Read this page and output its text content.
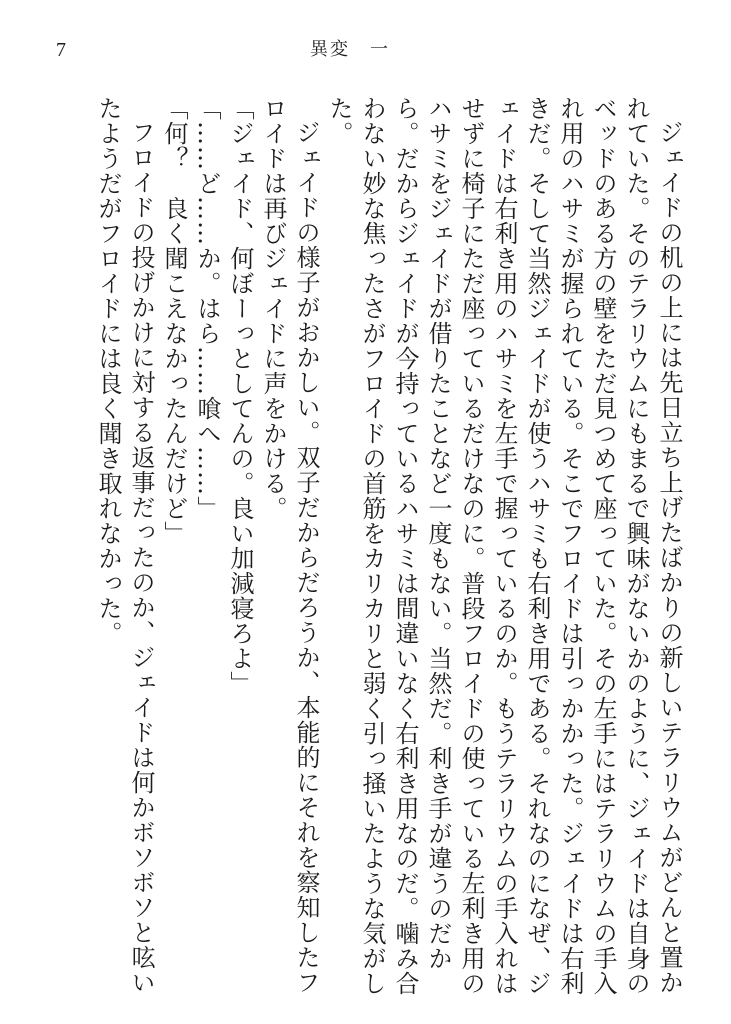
7	異変　一

ジェイドの机の上には先日立ち上げたばかりの新しいテラリウムがどんと置かれていた。そのテラリウムにもまるで興味がないかのように、ジェイドは自身のベッドのある方の壁をただ見つめて座っていた。その左手にはテラリウムの手入れ用のハサミが握られている。そこでフロイドは引っかかった。ジェイドは右利きだ。そして当然ジェイドが使うハサミも右利き用である。それなのになぜ、ジェイドは右利き用のハサミを左手で握っているのか。もうテラリウムの手入れはせずに椅子にただ座っているだけなのに。普段フロイドの使っている左利き用のハサミをジェイドが借りたことなど一度もない。当然だ。利き手が違うのだから。だからジェイドが今持っているハサミは間違いなく右利き用なのだ。噛み合わない妙な焦ったさがフロイドの首筋をカリカリと弱く引っ掻いたような気がした。

ジェイドの様子がおかしい。双子だからだろうか、本能的にそれを察知したフロイドは再びジェイドに声をかける。

「ジェイド、何ぼーっとしてんの。良い加減寝ろよ」

「……ど……か。はら……喰へ……」

「何？　良く聞こえなかったんだけど」

フロイドの投げかけに対する返事だったのか、ジェイドは何かボソボソと呟いたようだがフロイドには良く聞き取れなかった。
